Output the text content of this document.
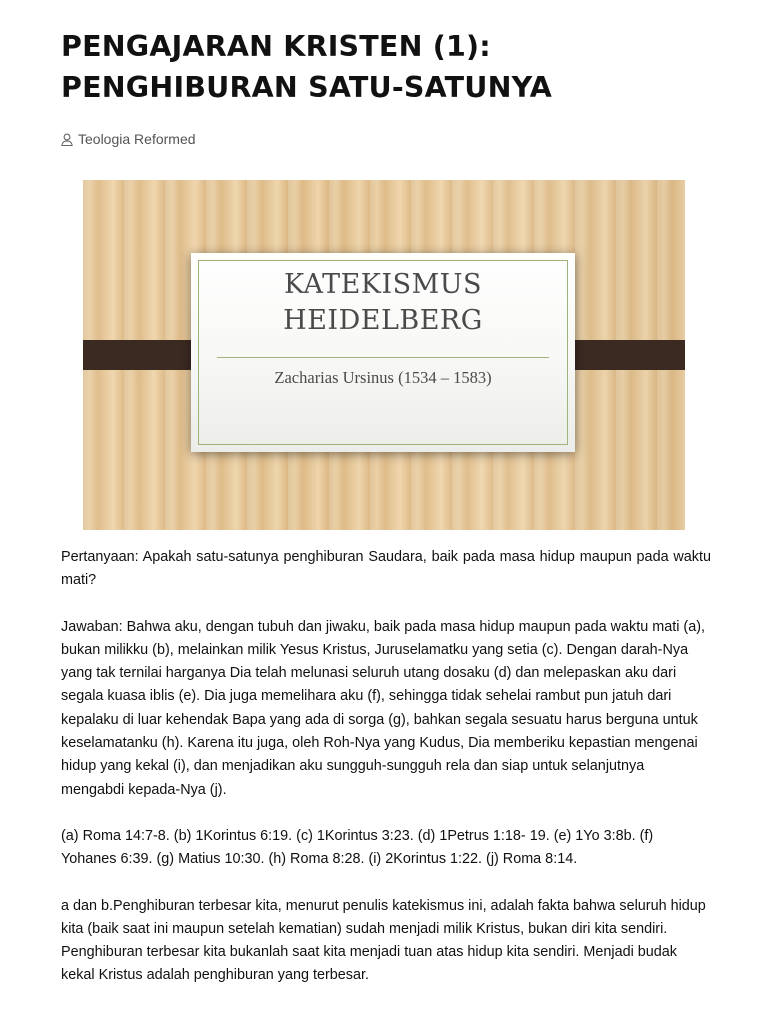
PENGAJARAN KRISTEN (1):
PENGHIBURAN SATU-SATUNYA
Teologia Reformed
KATEKISMUS
HEIDELBERG
Zacharias Ursinus (1534 – 1583)

Pertanyaan: Apakah satu-satunya penghiburan Saudara, baik pada masa hidup maupun pada waktu mati?

Jawaban: Bahwa aku, dengan tubuh dan jiwaku, baik pada masa hidup maupun pada waktu mati (a), bukan milikku (b), melainkan milik Yesus Kristus, Juruselamatku yang setia (c). Dengan darah-Nya yang tak ternilai harganya Dia telah melunasi seluruh utang dosaku (d) dan melepaskan aku dari segala kuasa iblis (e). Dia juga memelihara aku (f), sehingga tidak sehelai rambut pun jatuh dari kepalaku di luar kehendak Bapa yang ada di sorga (g), bahkan segala sesuatu harus berguna untuk keselamatanku (h). Karena itu juga, oleh Roh-Nya yang Kudus, Dia memberiku kepastian mengenai hidup yang kekal (i), dan menjadikan aku sungguh-sungguh rela dan siap untuk selanjutnya mengabdi kepada-Nya (j).

(a) Roma 14:7-8. (b) 1Korintus 6:19. (c) 1Korintus 3:23. (d) 1Petrus 1:18- 19. (e) 1Yo 3:8b. (f) Yohanes 6:39. (g) Matius 10:30. (h) Roma 8:28. (i) 2Korintus 1:22. (j) Roma 8:14.

a dan b.Penghiburan terbesar kita, menurut penulis katekismus ini, adalah fakta bahwa seluruh hidup kita (baik saat ini maupun setelah kematian) sudah menjadi milik Kristus, bukan diri kita sendiri. Penghiburan terbesar kita bukanlah saat kita menjadi tuan atas hidup kita sendiri. Menjadi budak kekal Kristus adalah penghiburan yang terbesar.
